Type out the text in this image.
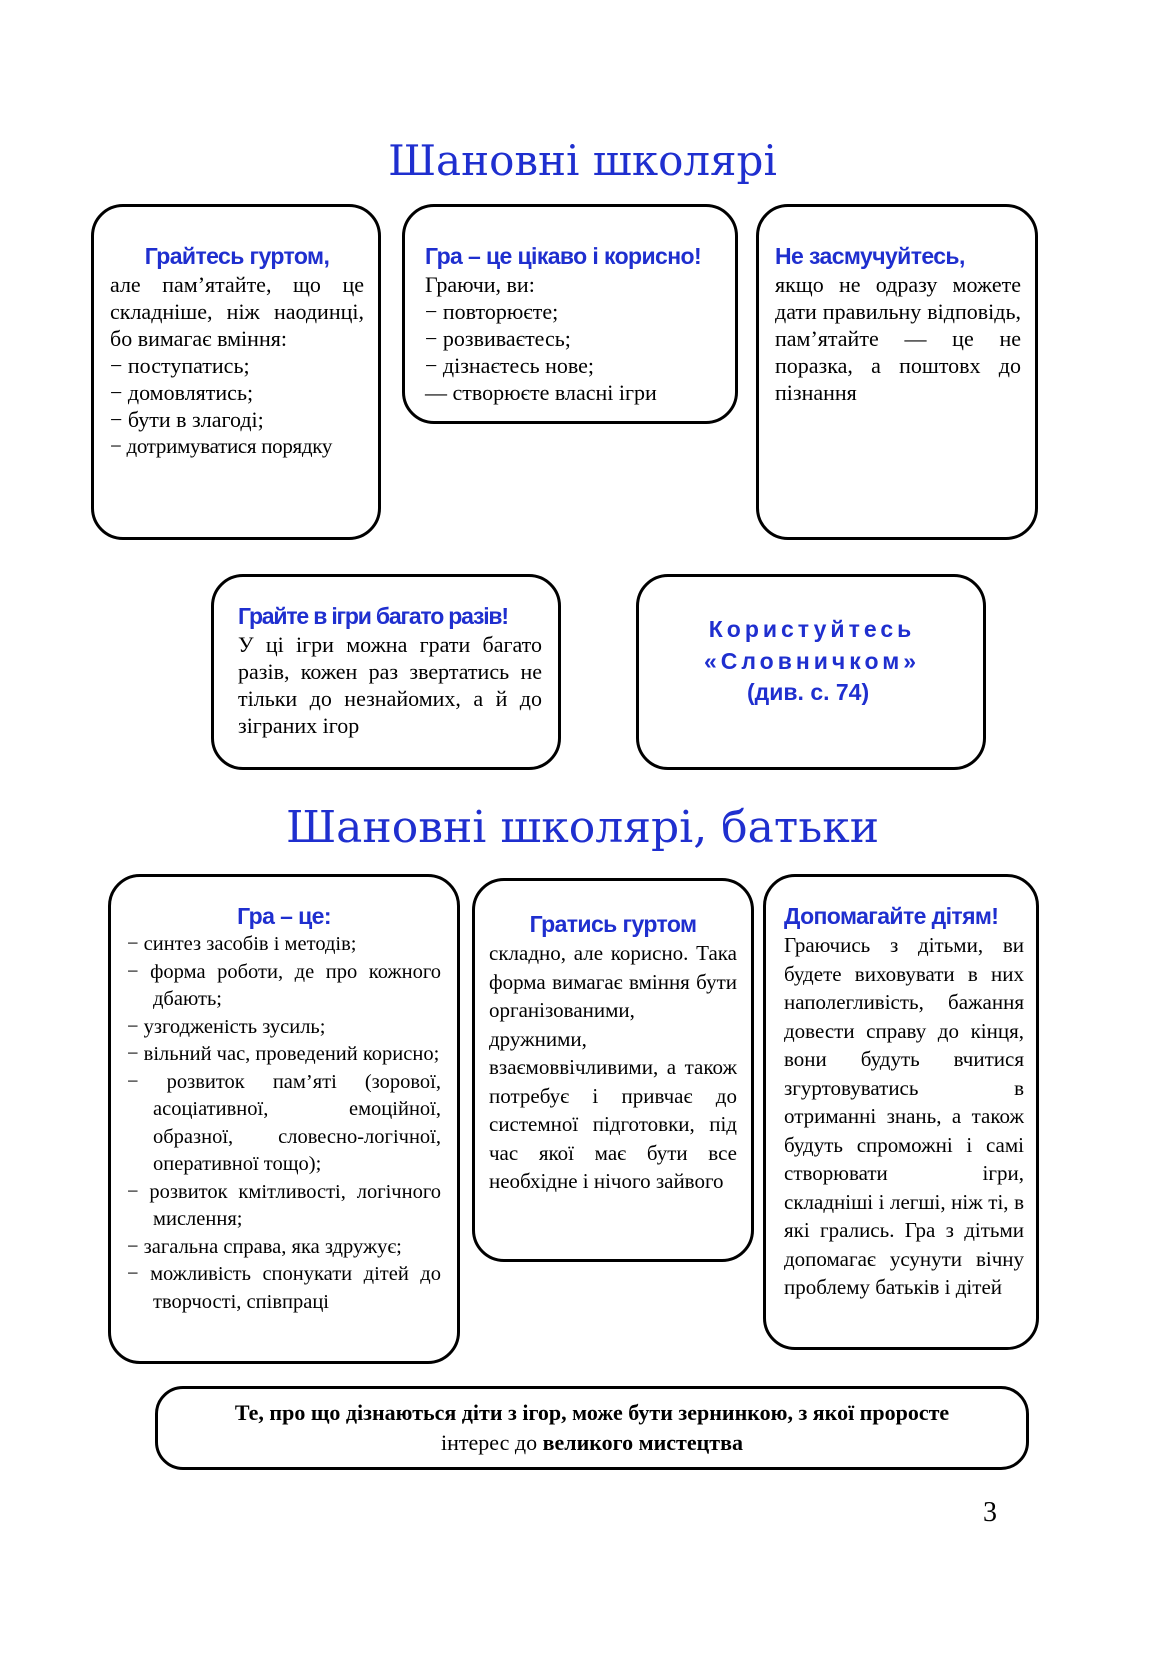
Шановні школярі
Грайтесь гуртом,
але пам’ятайте, що це складніше, ніж наодинці, бо вимагає вміння:
− поступатись;
− домовлятись;
− бути в злагоді;
− дотримуватися порядку
Гра – це цікаво і корисно!
Граючи, ви:
− повторюєте;
− розвиваєтесь;
− дізнаєтесь нове;
— створюєте власні ігри
Не засмучуйтесь,
якщо не одразу можете дати правильну відповідь, пам’ятайте — це не поразка, а поштовх до пізнання
Грайте в ігри багато разів!
У ці ігри можна грати багато разів, кожен раз звертатись не тільки до незнайомих, а й до зіграних ігор
Користуйтесь
«Словничком»
(див. с. 74)
Шановні школярі, батьки
Гра – це:
− синтез засобів і методів;
− форма роботи, де про кожного дбають;
− узгодженість зусиль;
− вільний час, проведений корисно;
− розвиток пам’яті (зорової, асоціативної, емоційної, образної, словесно-логічної, оперативної тощо);
− розвиток кмітливості, логічного мислення;
− загальна справа, яка здружує;
− можливість спонукати дітей до творчості, співпраці
Гратись гуртом
складно, але корисно. Така форма вимагає вміння бути організованими, дружними, взаємоввічливими, а також потребує і привчає до системної підготовки, під час якої має бути все необхідне і нічого зайвого
Допомагайте дітям!
Граючись з дітьми, ви будете виховувати в них наполегливість, бажання довести справу до кінця, вони будуть вчитися згуртовуватись в отриманні знань, а також будуть спроможні і самі створювати ігри, складніші і легші, ніж ті, в які грались. Гра з дітьми допомагає усунути вічну проблему батьків і дітей
Те, про що дізнаються діти з ігор, може бути зернинкою, з якої проросте
інтерес до великого мистецтва
3
